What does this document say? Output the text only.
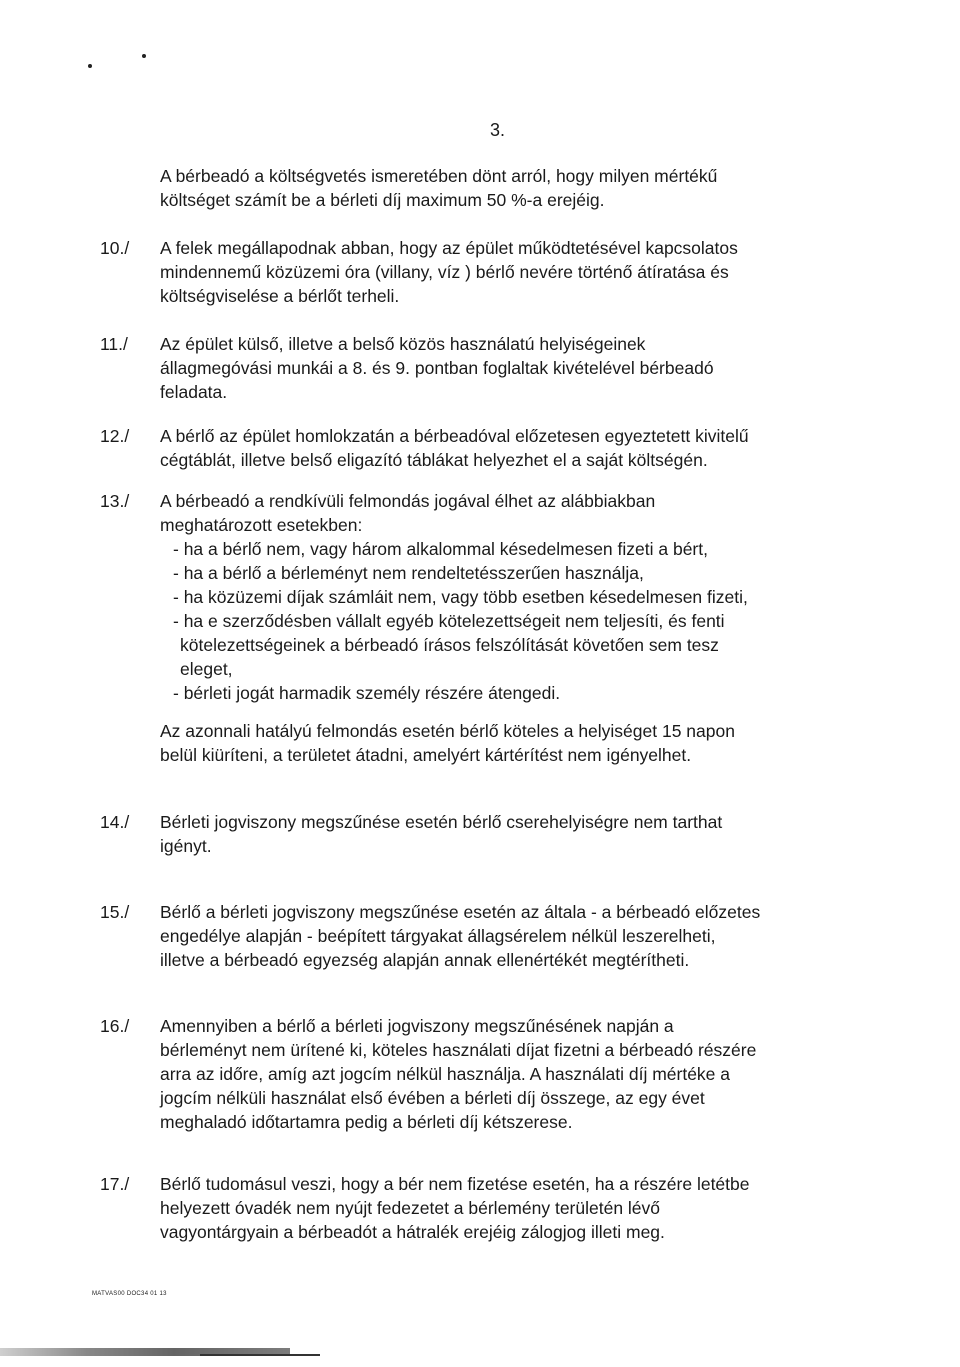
3.
A bérbeadó a költségvetés ismeretében dönt arról, hogy milyen mértékű
költséget számít be a bérleti díj maximum 50 %-a erejéig.
10./	A felek megállapodnak abban, hogy az épület működtetésével kapcsolatos
mindennemű közüzemi óra (villany, víz ) bérlő nevére történő átíratása és
költségviselése a bérlőt terheli.
11./	Az épület külső, illetve a belső közös használatú helyiségeinek
állagmegóvási munkái a 8. és 9. pontban foglaltak kivételével bérbeadó
feladata.
12./	A bérlő az épület homlokzatán a bérbeadóval előzetesen egyeztetett kivitelű
cégtáblát, illetve belső eligazító táblákat helyezhet el a saját költségén.
13./	A bérbeadó a rendkívüli felmondás jogával élhet az alábbiakban
meghatározott esetekben:
- ha a bérlő nem, vagy három alkalommal késedelmesen fizeti a bért,
- ha a bérlő a bérleményt nem rendeltetésszerűen használja,
- ha közüzemi díjak számláit nem, vagy több esetben késedelmesen fizeti,
- ha e szerződésben vállalt egyéb kötelezettségeit nem teljesíti, és fenti
kötelezettségeinek a bérbeadó írásos felszólítását követően sem tesz
eleget,
- bérleti jogát harmadik személy részére átengedi.
Az azonnali hatályú felmondás esetén bérlő köteles a helyiséget 15 napon
belül kiüríteni, a területet átadni, amelyért kártérítést nem igényelhet.
14./	Bérleti jogviszony megszűnése esetén bérlő cserehelyiségre nem tarthat
igényt.
15./	Bérlő a bérleti jogviszony megszűnése esetén az általa - a bérbeadó előzetes
engedélye alapján - beépített tárgyakat állagsérelem nélkül leszerelheti,
illetve a bérbeadó egyezség alapján annak ellenértékét megtérítheti.
16./	Amennyiben a bérlő a bérleti jogviszony megszűnésének napján a
bérleményt nem ürítené ki, köteles használati díjat fizetni a bérbeadó részére
arra az időre, amíg azt jogcím nélkül használja. A használati díj mértéke a
jogcím nélküli használat első évében a bérleti díj összege, az egy évet
meghaladó időtartamra pedig a bérleti díj kétszerese.
17./	Bérlő tudomásul veszi, hogy a bér nem fizetése esetén, ha a részére letétbe
helyezett óvadék nem nyújt fedezetet a bérlemény területén lévő
vagyontárgyain a bérbeadót a hátralék erejéig zálogjog illeti meg.
MATVAS00 DOC34 01 13
